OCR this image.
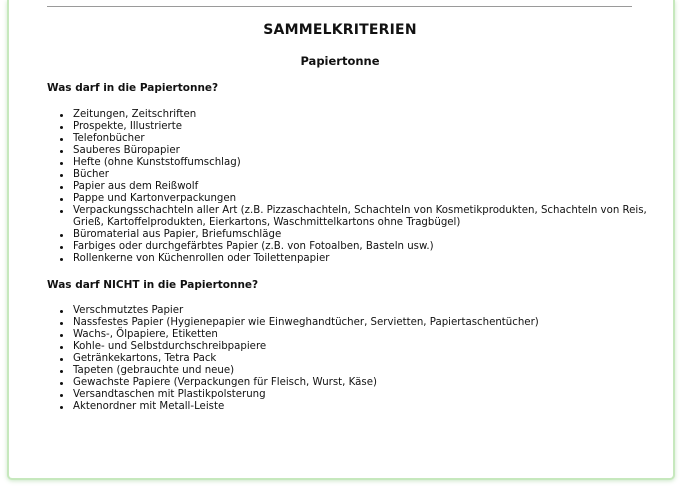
SAMMELKRITERIEN
Papiertonne
Was darf in die Papiertonne?
Zeitungen, Zeitschriften
Prospekte, Illustrierte
Telefonbücher
Sauberes Büropapier
Hefte (ohne Kunststoffumschlag)
Bücher
Papier aus dem Reißwolf
Pappe und Kartonverpackungen
Verpackungsschachteln aller Art (z.B. Pizzaschachteln, Schachteln von Kosmetikprodukten, Schachteln von Reis, Grieß, Kartoffelprodukten, Eierkartons, Waschmittelkartons ohne Tragbügel)
Büromaterial aus Papier, Briefumschläge
Farbiges oder durchgefärbtes Papier (z.B. von Fotoalben, Basteln usw.)
Rollenkerne von Küchenrollen oder Toilettenpapier
Was darf NICHT in die Papiertonne?
Verschmutztes Papier
Nassfestes Papier (Hygienepapier wie Einweghandtücher, Servietten, Papiertaschentücher)
Wachs-, Ölpapiere, Etiketten
Kohle- und Selbstdurchschreibpapiere
Getränkekartons, Tetra Pack
Tapeten (gebrauchte und neue)
Gewachste Papiere (Verpackungen für Fleisch, Wurst, Käse)
Versandtaschen mit Plastikpolsterung
Aktenordner mit Metall-Leiste
